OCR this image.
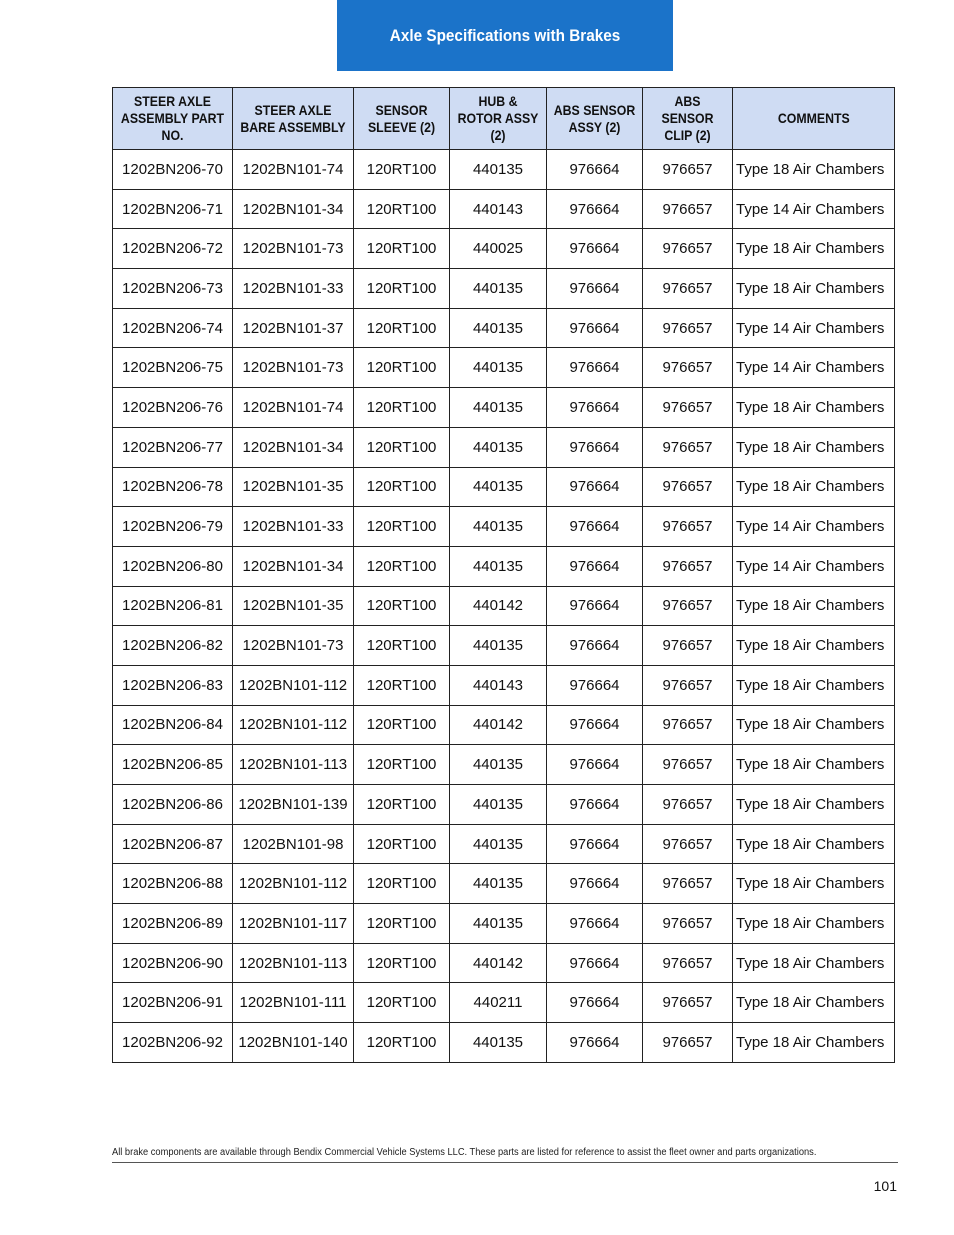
Axle Specifications with Brakes
STEER AXLE ASSEMBLY PART NO.	STEER AXLE BARE ASSEMBLY	SENSOR SLEEVE (2)	HUB & ROTOR ASSY (2)	ABS SENSOR ASSY (2)	ABS SENSOR CLIP (2)	COMMENTS
1202BN206-70	1202BN101-74	120RT100	440135	976664	976657	Type 18 Air Chambers
1202BN206-71	1202BN101-34	120RT100	440143	976664	976657	Type 14 Air Chambers
1202BN206-72	1202BN101-73	120RT100	440025	976664	976657	Type 18 Air Chambers
1202BN206-73	1202BN101-33	120RT100	440135	976664	976657	Type 18 Air Chambers
1202BN206-74	1202BN101-37	120RT100	440135	976664	976657	Type 14 Air Chambers
1202BN206-75	1202BN101-73	120RT100	440135	976664	976657	Type 14 Air Chambers
1202BN206-76	1202BN101-74	120RT100	440135	976664	976657	Type 18 Air Chambers
1202BN206-77	1202BN101-34	120RT100	440135	976664	976657	Type 18 Air Chambers
1202BN206-78	1202BN101-35	120RT100	440135	976664	976657	Type 18 Air Chambers
1202BN206-79	1202BN101-33	120RT100	440135	976664	976657	Type 14 Air Chambers
1202BN206-80	1202BN101-34	120RT100	440135	976664	976657	Type 14 Air Chambers
1202BN206-81	1202BN101-35	120RT100	440142	976664	976657	Type 18 Air Chambers
1202BN206-82	1202BN101-73	120RT100	440135	976664	976657	Type 18 Air Chambers
1202BN206-83	1202BN101-112	120RT100	440143	976664	976657	Type 18 Air Chambers
1202BN206-84	1202BN101-112	120RT100	440142	976664	976657	Type 18 Air Chambers
1202BN206-85	1202BN101-113	120RT100	440135	976664	976657	Type 18 Air Chambers
1202BN206-86	1202BN101-139	120RT100	440135	976664	976657	Type 18 Air Chambers
1202BN206-87	1202BN101-98	120RT100	440135	976664	976657	Type 18 Air Chambers
1202BN206-88	1202BN101-112	120RT100	440135	976664	976657	Type 18 Air Chambers
1202BN206-89	1202BN101-117	120RT100	440135	976664	976657	Type 18 Air Chambers
1202BN206-90	1202BN101-113	120RT100	440142	976664	976657	Type 18 Air Chambers
1202BN206-91	1202BN101-111	120RT100	440211	976664	976657	Type 18 Air Chambers
1202BN206-92	1202BN101-140	120RT100	440135	976664	976657	Type 18 Air Chambers
All brake components are available through Bendix Commercial Vehicle Systems LLC. These parts are listed for reference to assist the fleet owner and parts organizations.
101
